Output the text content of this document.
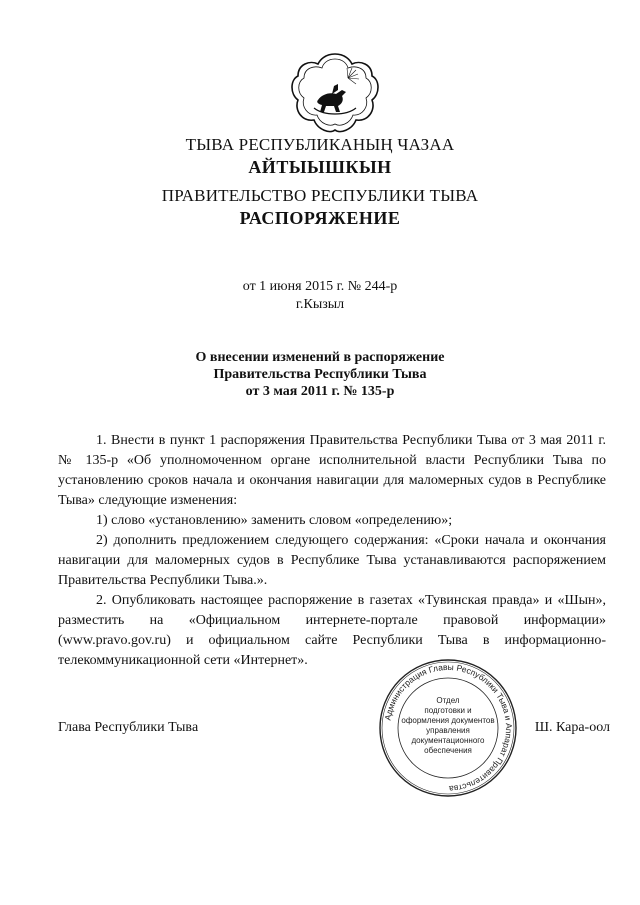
ТЫВА РЕСПУБЛИКАНЫҢ ЧАЗАА
АЙТЫЫШКЫН
ПРАВИТЕЛЬСТВО РЕСПУБЛИКИ ТЫВА
РАСПОРЯЖЕНИЕ
от 1 июня 2015 г. № 244-р
г.Кызыл
О внесении изменений в распоряжение
Правительства Республики Тыва
от 3 мая 2011 г. № 135-р

1. Внести в пункт 1 распоряжения Правительства Республики Тыва от 3 мая 2011 г. № 135-р «Об уполномоченном органе исполнительной власти Республики Тыва по установлению сроков начала и окончания навигации для маломерных судов в Республике Тыва» следующие изменения:

1) слово «установлению» заменить словом «определению»;

2) дополнить предложением следующего содержания: «Сроки начала и окончания навигации для маломерных судов в Республике Тыва устанавливаются распоряжением Правительства Республики Тыва.».

2. Опубликовать настоящее распоряжение в газетах «Тувинская правда» и «Шын», разместить на «Официальном интернете-портале правовой информации» (www.pravo.gov.ru) и официальном сайте Республики Тыва в информационно-телекоммуникационной сети «Интернет».

Администрация Главы Республики Тыва и Аппарат Правительства
Отдел
подготовки и
оформления документов
управления
документационного
обеспечения
Глава Республики Тывa	Ш. Кара-оол
